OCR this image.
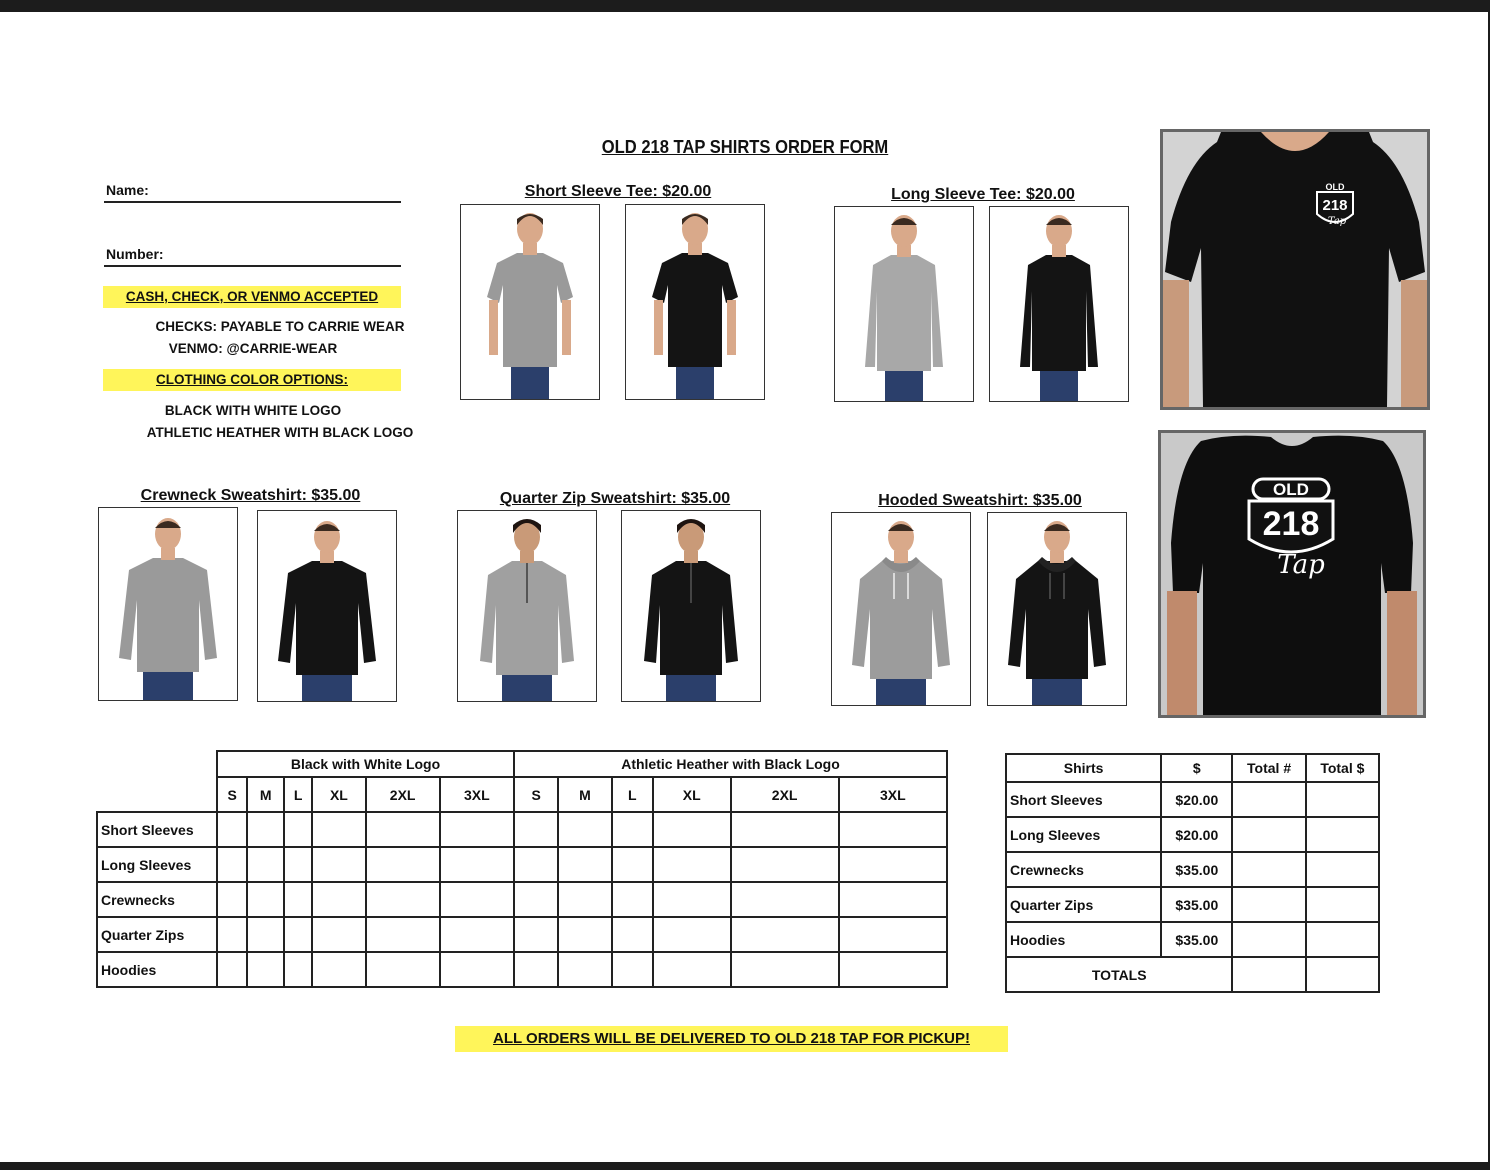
OLD 218 TAP SHIRTS ORDER FORM
Name:
Number:
CASH, CHECK, OR VENMO ACCEPTED
CHECKS: PAYABLE TO CARRIE WEAR
VENMO: @CARRIE-WEAR
CLOTHING COLOR OPTIONS:
BLACK WITH WHITE LOGO
ATHLETIC HEATHER WITH BLACK LOGO
Short Sleeve Tee: $20.00	Long Sleeve Tee: $20.00
Crewneck Sweatshirt: $35.00	Quarter Zip Sweatshirt: $35.00	Hooded Sweatshirt: $35.00
OLD
218
Tap
OLD
218
Tap
	Black with White Logo						Athletic Heather with Black Logo					
	S	M	L	XL	2XL	3XL	S	M	L	XL	2XL	3XL
Short Sleeves												
Long Sleeves												
Crewnecks												
Quarter Zips												
Hoodies												
Shirts	$	Total #	Total $
Short Sleeves	$20.00		
Long Sleeves	$20.00		
Crewnecks	$35.00		
Quarter Zips	$35.00		
Hoodies	$35.00		
TOTALS			
ALL ORDERS WILL BE DELIVERED TO OLD 218 TAP FOR PICKUP!
